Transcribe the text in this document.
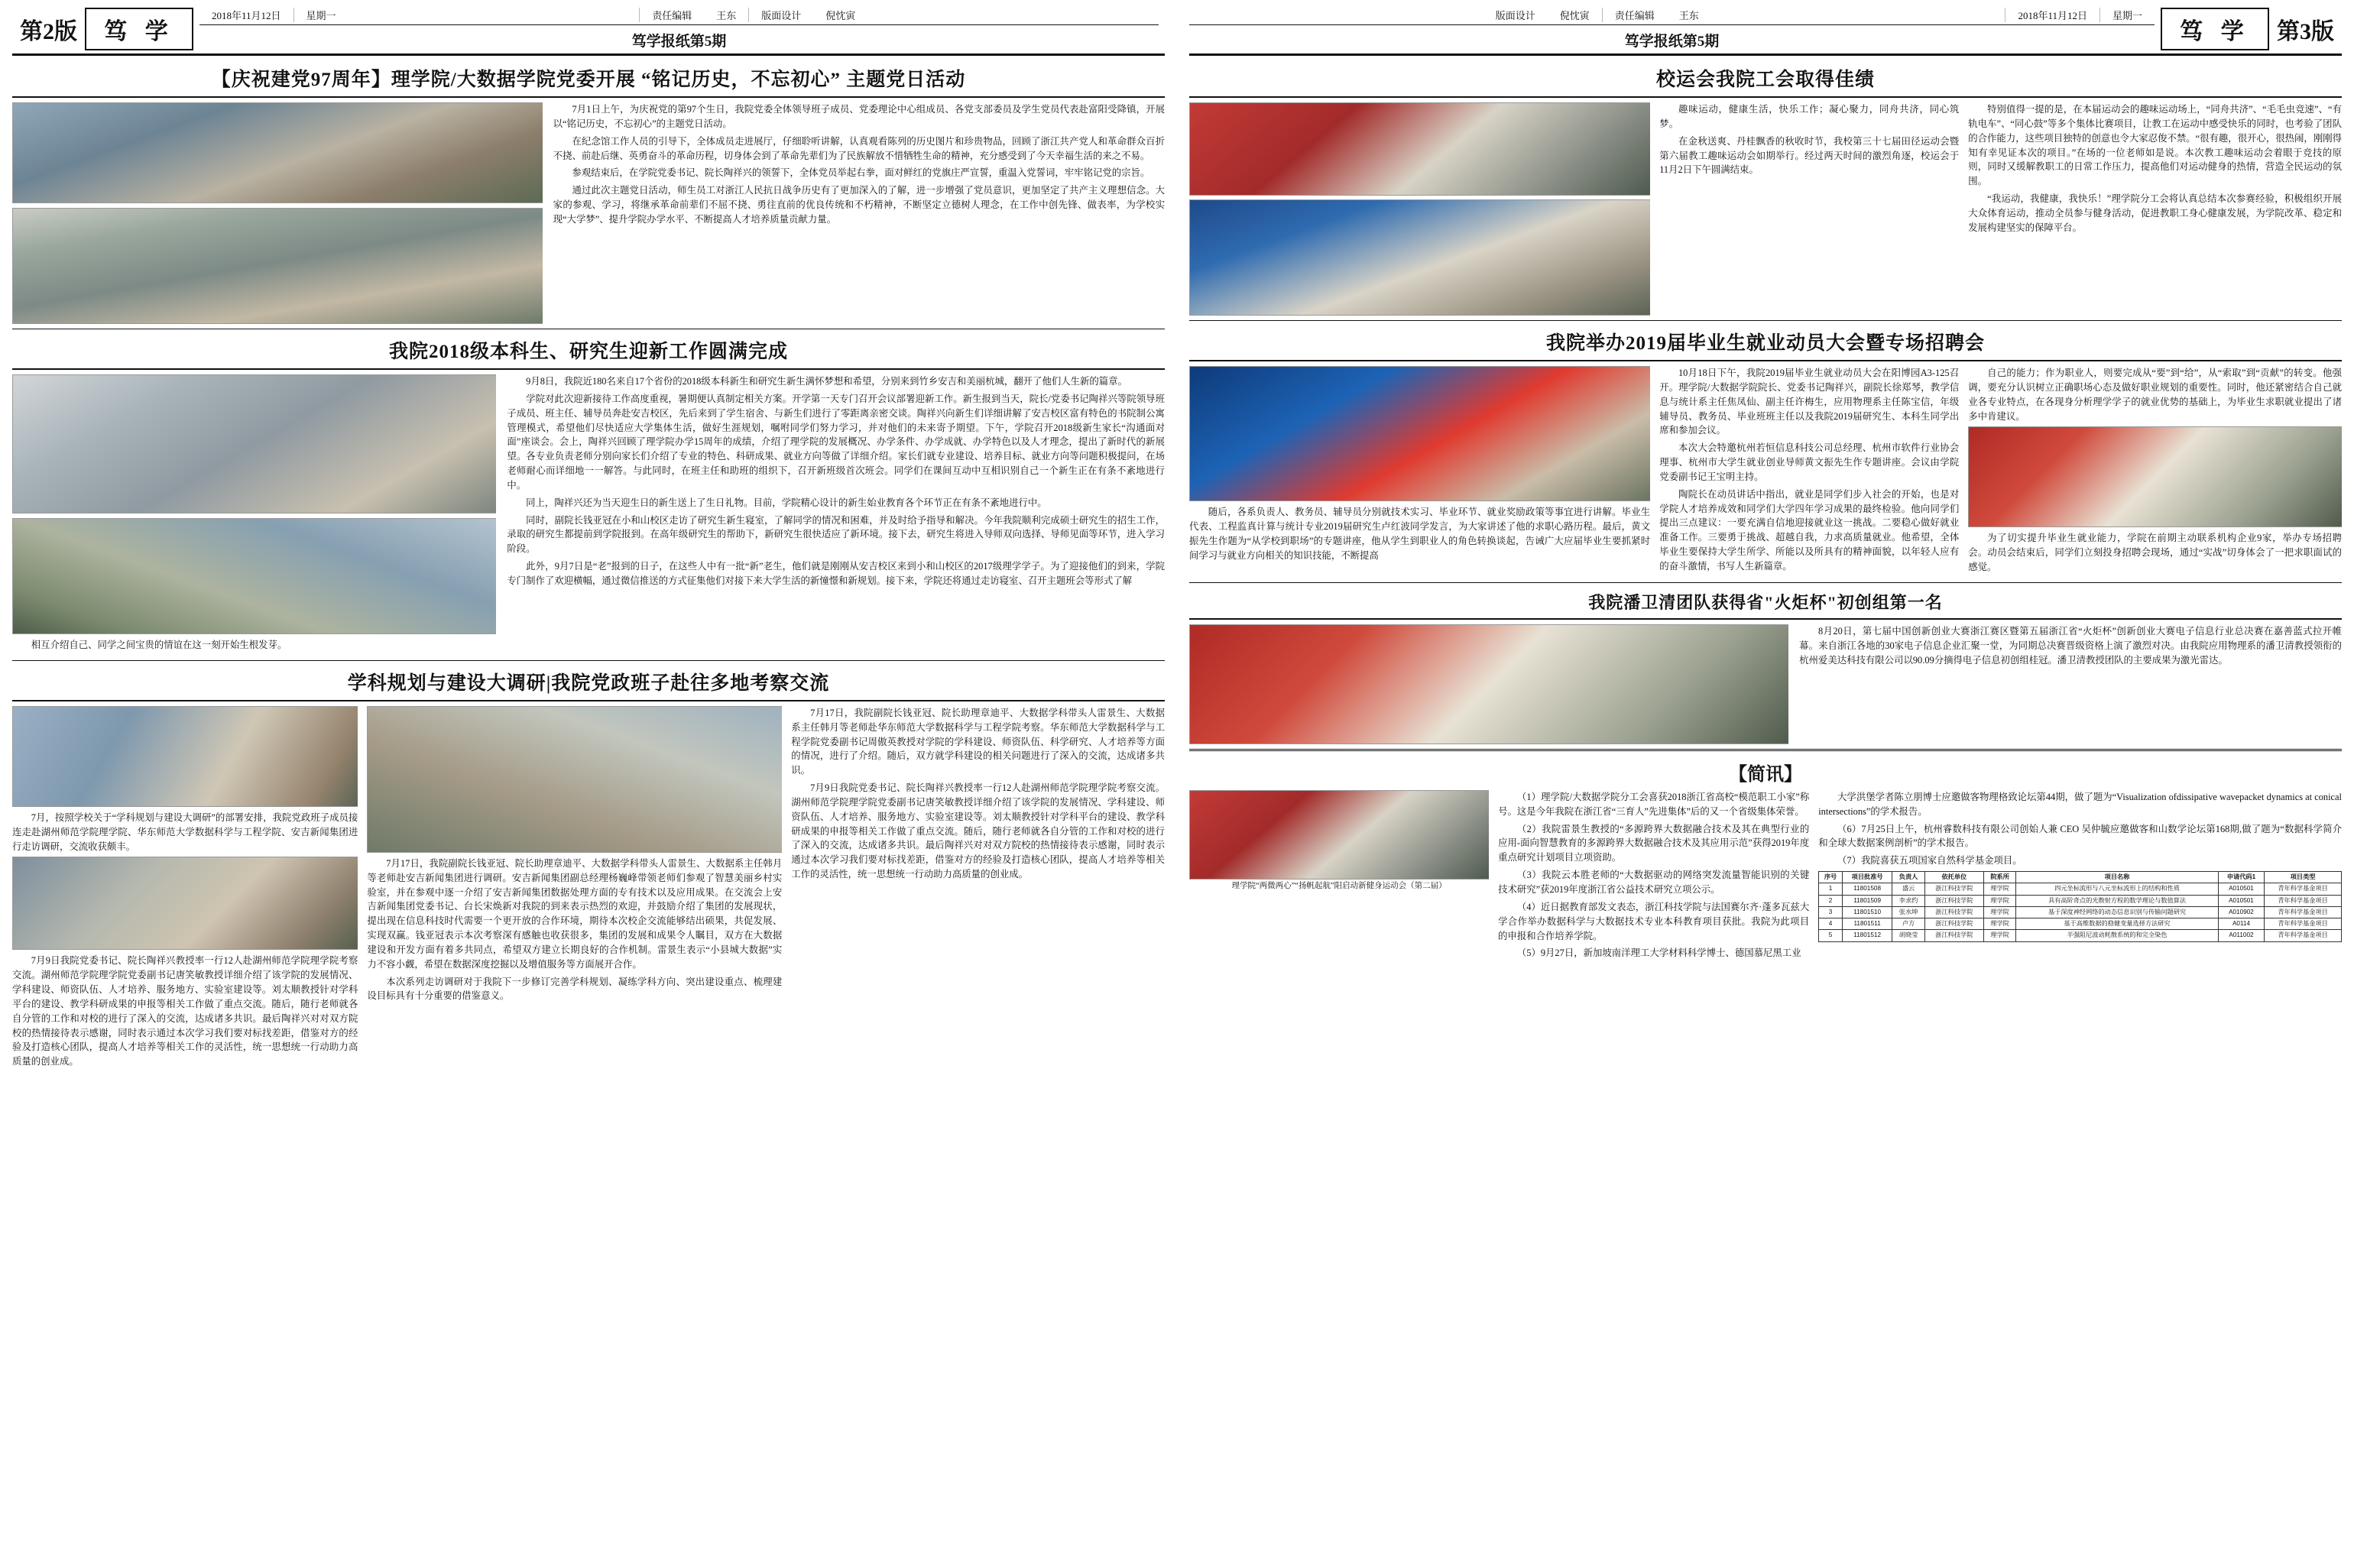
第2版	笃 学
2018年11月12日	星期一	责任编辑	王东	版面设计	倪忱寅
笃学报纸第5期
【庆祝建党97周年】理学院/大数据学院党委开展 “铭记历史，不忘初心” 主题党日活动

7月1日上午，为庆祝党的第97个生日，我院党委全体领导班子成员、党委理论中心组成员、各党支部委员及学生党员代表赴富阳受降镇，开展以“铭记历史，不忘初心”的主题党日活动。

在纪念馆工作人员的引导下，全体成员走进展厅，仔细聆听讲解，认真观看陈列的历史图片和珍贵物品，回顾了浙江共产党人和革命群众百折不挠、前赴后继、英勇奋斗的革命历程，切身体会到了革命先辈们为了民族解放不惜牺牲生命的精神，充分感受到了今天幸福生活的来之不易。

参观结束后，在学院党委书记、院长陶祥兴的领誓下，全体党员举起右拳，面对鲜红的党旗庄严宣誓，重温入党誓词，牢牢铭记党的宗旨。

通过此次主题党日活动，师生员工对浙江人民抗日战争历史有了更加深入的了解，进一步增强了党员意识，更加坚定了共产主义理想信念。大家的参观、学习，将继承革命前辈们不屈不挠、勇往直前的优良传统和不朽精神，不断坚定立德树人理念，在工作中创先锋、做表率，为学校实现“大学梦”、提升学院办学水平、不断提高人才培养质量贡献力量。

我院2018级本科生、研究生迎新工作圆满完成

相互介绍自己、同学之间宝贵的情谊在这一刻开始生根发芽。

9月8日，我院近180名来自17个省份的2018级本科新生和研究生新生满怀梦想和希望，分别来到竹乡安吉和美丽杭城，翻开了他们人生新的篇章。

学院对此次迎新接待工作高度重视，暑期便认真制定相关方案。开学第一天专门召开会议部署迎新工作。新生报到当天，院长/党委书记陶祥兴等院领导班子成员、班主任、辅导员奔赴安吉校区，先后来到了学生宿舍、与新生们进行了零距离亲密交谈。陶祥兴向新生们详细讲解了安吉校区富有特色的书院制公寓管理模式，希望他们尽快适应大学集体生活，做好生涯规划，嘱咐同学们努力学习，并对他们的未来寄予期望。下午，学院召开2018级新生家长“沟通面对面”座谈会。会上，陶祥兴回顾了理学院办学15周年的成绩，介绍了理学院的发展概况、办学条件、办学成就、办学特色以及人才理念，提出了新时代的新展望。各专业负责老师分别向家长们介绍了专业的特色、科研成果、就业方向等做了详细介绍。家长们就专业建设、培养目标、就业方向等问题积极提问，在场老师耐心而详细地一一解答。与此同时，在班主任和助班的组织下，召开新班级首次班会。同学们在课间互动中互相识别自己一个新生正在有条不紊地进行中。

同上，陶祥兴还为当天迎生日的新生送上了生日礼物。目前，学院精心设计的新生始业教育各个环节正在有条不紊地进行中。

同时，副院长钱亚冠在小和山校区走访了研究生新生寝室，了解同学的情况和困难，并及时给予指导和解决。今年我院顺利完成硕士研究生的招生工作，录取的研究生都提前到学院报到。在高年级研究生的帮助下，新研究生很快适应了新环境。接下去，研究生将进入导师双向选择、导师见面等环节，进入学习阶段。

此外，9月7日是“老”报到的日子，在这些人中有一批“新”老生，他们就是刚刚从安吉校区来到小和山校区的2017级理学学子。为了迎接他们的到来，学院专门制作了欢迎横幅，通过微信推送的方式征集他们对接下来大学生活的新憧憬和新规划。接下来，学院还将通过走访寝室、召开主题班会等形式了解

学科规划与建设大调研|我院党政班子赴往多地考察交流

7月，按照学校关于“学科规划与建设大调研”的部署安排，我院党政班子成员接连走赴湖州师范学院理学院、华东师范大学数据科学与工程学院、安吉新闻集团进行走访调研，交流收获颇丰。

7月9日我院党委书记、院长陶祥兴教授率一行12人赴湖州师范学院理学院考察交流。湖州师范学院理学院党委副书记唐笑敏教授详细介绍了该学院的发展情况、学科建设、师资队伍、人才培养、服务地方、实验室建设等。刘太顺教授针对学科平台的建设、教学科研成果的申报等相关工作做了重点交流。随后，随行老师就各自分管的工作和对校的进行了深入的交流，达成诸多共识。最后陶祥兴对对双方院校的热情接待表示感谢，同时表示通过本次学习我们要对标找差距，借鉴对方的经验及打造核心团队，提高人才培养等相关工作的灵活性，统一思想统一行动助力高质量的创业成。

7月17日，我院副院长钱亚冠、院长助理章迪平、大数据学科带头人雷景生、大数据系主任韩月等老师赴安吉新闻集团进行调研。安吉新闻集团副总经理杨巍峰带领老师们参观了智慧美丽乡村实验室，并在参观中逐一介绍了安吉新闻集团数据处理方面的专有技术以及应用成果。在交流会上安吉新闻集团党委书记、台长宋焕新对我院的到来表示热烈的欢迎，并鼓励介绍了集团的发展现状，提出现在信息科技时代需要一个更开放的合作环境，期待本次校企交流能够结出硕果，共促发展、实现双赢。钱亚冠表示本次考察深有感触也收获很多，集团的发展和成果令人瞩目，双方在大数据建设和开发方面有着多共同点，希望双方建立长期良好的合作机制。雷景生表示“小县城大数据”实力不容小觑，希望在数据深度挖掘以及增值服务等方面展开合作。

本次系列走访调研对于我院下一步修订完善学科规划、凝练学科方向、突出建设重点、梳理建设目标具有十分重要的借鉴意义。

7月17日，我院副院长钱亚冠、院长助理章迪平、大数据学科带头人雷景生、大数据系主任韩月等老师赴华东师范大学数据科学与工程学院考察。华东师范大学数据科学与工程学院党委副书记周傲英教授对学院的学科建设、师资队伍、科学研究、人才培养等方面的情况，进行了介绍。随后，双方就学科建设的相关问题进行了深入的交流，达成诸多共识。

7月9日我院党委书记、院长陶祥兴教授率一行12人赴湖州师范学院理学院考察交流。湖州师范学院理学院党委副书记唐笑敏教授详细介绍了该学院的发展情况、学科建设、师资队伍、人才培养、服务地方、实验室建设等。刘太顺教授针对学科平台的建设、教学科研成果的申报等相关工作做了重点交流。随后，随行老师就各自分管的工作和对校的进行了深入的交流，达成诸多共识。最后陶祥兴对对双方院校的热情接待表示感谢，同时表示通过本次学习我们要对标找差距，借鉴对方的经验及打造核心团队，提高人才培养等相关工作的灵活性，统一思想统一行动助力高质量的创业成。

版面设计	倪忱寅	责任编辑	王东	2018年11月12日	星期一
笃学报纸第5期	笃 学	第3版
校运会我院工会取得佳绩

趣味运动，健康生活，快乐工作；凝心聚力，同舟共济，同心筑梦。

在金秋送爽、丹桂飘香的秋收时节，我校第三十七届田径运动会暨第六届教工趣味运动会如期举行。经过两天时间的激烈角逐，校运会于11月2日下午圆满结束。

特别值得一提的是，在本届运动会的趣味运动场上，“同舟共济”、“毛毛虫竞速”、“有轨电车”、“同心鼓”等多个集体比赛项目，让教工在运动中感受快乐的同时，也考验了团队的合作能力，这些项目独特的创意也令大家忍俊不禁。“很有趣，很开心，很热闹，刚刚得知有幸见证本次的项目。”在场的一位老师如是说。本次教工趣味运动会着眼于竞技的原则，同时又缓解教职工的日常工作压力，提高他们对运动健身的热情，营造全民运动的氛围。

“我运动，我健康，我快乐！”理学院分工会将认真总结本次参赛经验，积极组织开展大众体育运动，推动全员参与健身活动，促进教职工身心健康发展，为学院改革、稳定和发展构建坚实的保障平台。

我院举办2019届毕业生就业动员大会暨专场招聘会

随后，各系负责人、教务员、辅导员分别就技术实习、毕业环节、就业奖励政策等事宜进行讲解。毕业生代表、工程监真计算与统计专业2019届研究生卢红波同学发言，为大家讲述了他的求职心路历程。最后，黄文振先生作题为“从学校到职场”的专题讲座，他从学生到职业人的角色转换谈起，告诫广大应届毕业生要抓紧时间学习与就业方向相关的知识技能，不断提高

10月18日下午，我院2019届毕业生就业动员大会在阳博园A3-125召开。理学院/大数据学院院长、党委书记陶祥兴，副院长徐郑琴，教学信息与统计系主任焦凤仙、副主任许梅生，应用物理系主任陈宝信，年级辅导员、教务员、毕业班班主任以及我院2019届研究生、本科生同学出席和参加会议。

本次大会特邀杭州若恒信息科技公司总经理、杭州市软件行业协会理事、杭州市大学生就业创业导师黄文振先生作专题讲座。会议由学院党委副书记王宝明主持。

陶院长在动员讲话中指出，就业是同学们步入社会的开始，也是对学院人才培养成效和同学们大学四年学习成果的最终检验。他向同学们提出三点建议：一要充满自信地迎接就业这一挑战。二要稳心做好就业准备工作。三要勇于挑战、超越自我，力求高质量就业。他希望，全体毕业生要保持大学生所学、所能以及所具有的精神面貌，以年轻人应有的奋斗激情，书写人生新篇章。

自己的能力；作为职业人，则要完成从“要”到“给”，从“索取”到“贡献”的转变。他强调，要充分认识树立正确职场心态及做好职业规划的重要性。同时，他还紧密结合自己就业各专业特点，在各现身分析理学学子的就业优势的基础上，为毕业生求职就业提出了诸多中肯建议。

为了切实提升毕业生就业能力，学院在前期主动联系机构企业9家，举办专场招聘会。动员会结束后，同学们立刻投身招聘会现场，通过“实战”切身体会了一把求职面试的感觉。

我院潘卫清团队获得省"火炬杯"初创组第一名

8月20日，第七届中国创新创业大赛浙江赛区暨第五届浙江省“火炬杯”创新创业大赛电子信息行业总决赛在嘉善蓝式拉开帷幕。来自浙江各地的30家电子信息企业汇聚一堂，为同期总决赛晋级资格上演了激烈对决。由我院应用物理系的潘卫清教授领衔的杭州爱美达科技有限公司以90.09分摘得电子信息初创组桂冠。潘卫清教授团队的主要成果为激光雷达。

【简讯】
理学院“两微两心”“扬帆起航”阳启动新健身运动会（第二届）

（1）理学院/大数据学院分工会喜获2018浙江省高校“模范职工小家”称号。这是今年我院在浙江省“三育人”先进集体”后的又一个省级集体荣誉。

（2）我院雷景生教授的“多源跨界大数据融合技术及其在典型行业的应用-面向智慧教育的多源跨界大数据融合技术及其应用示范”获得2019年度重点研究计划项目立项资助。

（3）我院云本胜老师的“大数据驱动的网络突发流量智能识别的关键技术研究”获2019年度浙江省公益技术研究立项公示。

（4）近日据教育部发文表态，浙江科技学院与法国赛尔齐·蓬多瓦兹大学合作举办数据科学与大数据技术专业本科教育项目获批。我院为此项目的申报和合作培养学院。

（5）9月27日，新加坡南洋理工大学材料科学博士、德国慕尼黑工业

大学洪堡学者陈立朋博士应邀做客物理格致论坛第44期，做了题为“Visualization ofdissipative wavepacket dynamics at conical intersections”的学术报告。

（6）7月25日上午，杭州睿数科技有限公司创始人兼 CEO 吴仲毓应邀做客和山数学论坛第168期,做了题为“数据科学简介和全球大数据案例剖析”的学术报告。

（7）我院喜获五项国家自然科学基金项目。

序号	项目批准号	负责人	依托单位	院系所	项目名称	申请代码1	项目类型
1	11801508	盛云	浙江科技学院	理学院	四元坐标流形与八元坐标流形上的结构和性质	A010501	青年科学基金项目
2	11801509	李求约	浙江科技学院	理学院	具有高阶奇点的光散射方程的数学理论与数值算法	A010501	青年科学基金项目
3	11801510	张水坤	浙江科技学院	理学院	基于深度神经网络的动态信息识别与传输问题研究	A010902	青年科学基金项目
4	11801511	卢方	浙江科技学院	理学院	基于高维数据的稳健变量选择方法研究	A0114	青年科学基金项目
5	11801512	胡晓莹	浙江科技学院	理学院	半强阻尼波动耗散系统的和完全染色	A011002	青年科学基金项目
